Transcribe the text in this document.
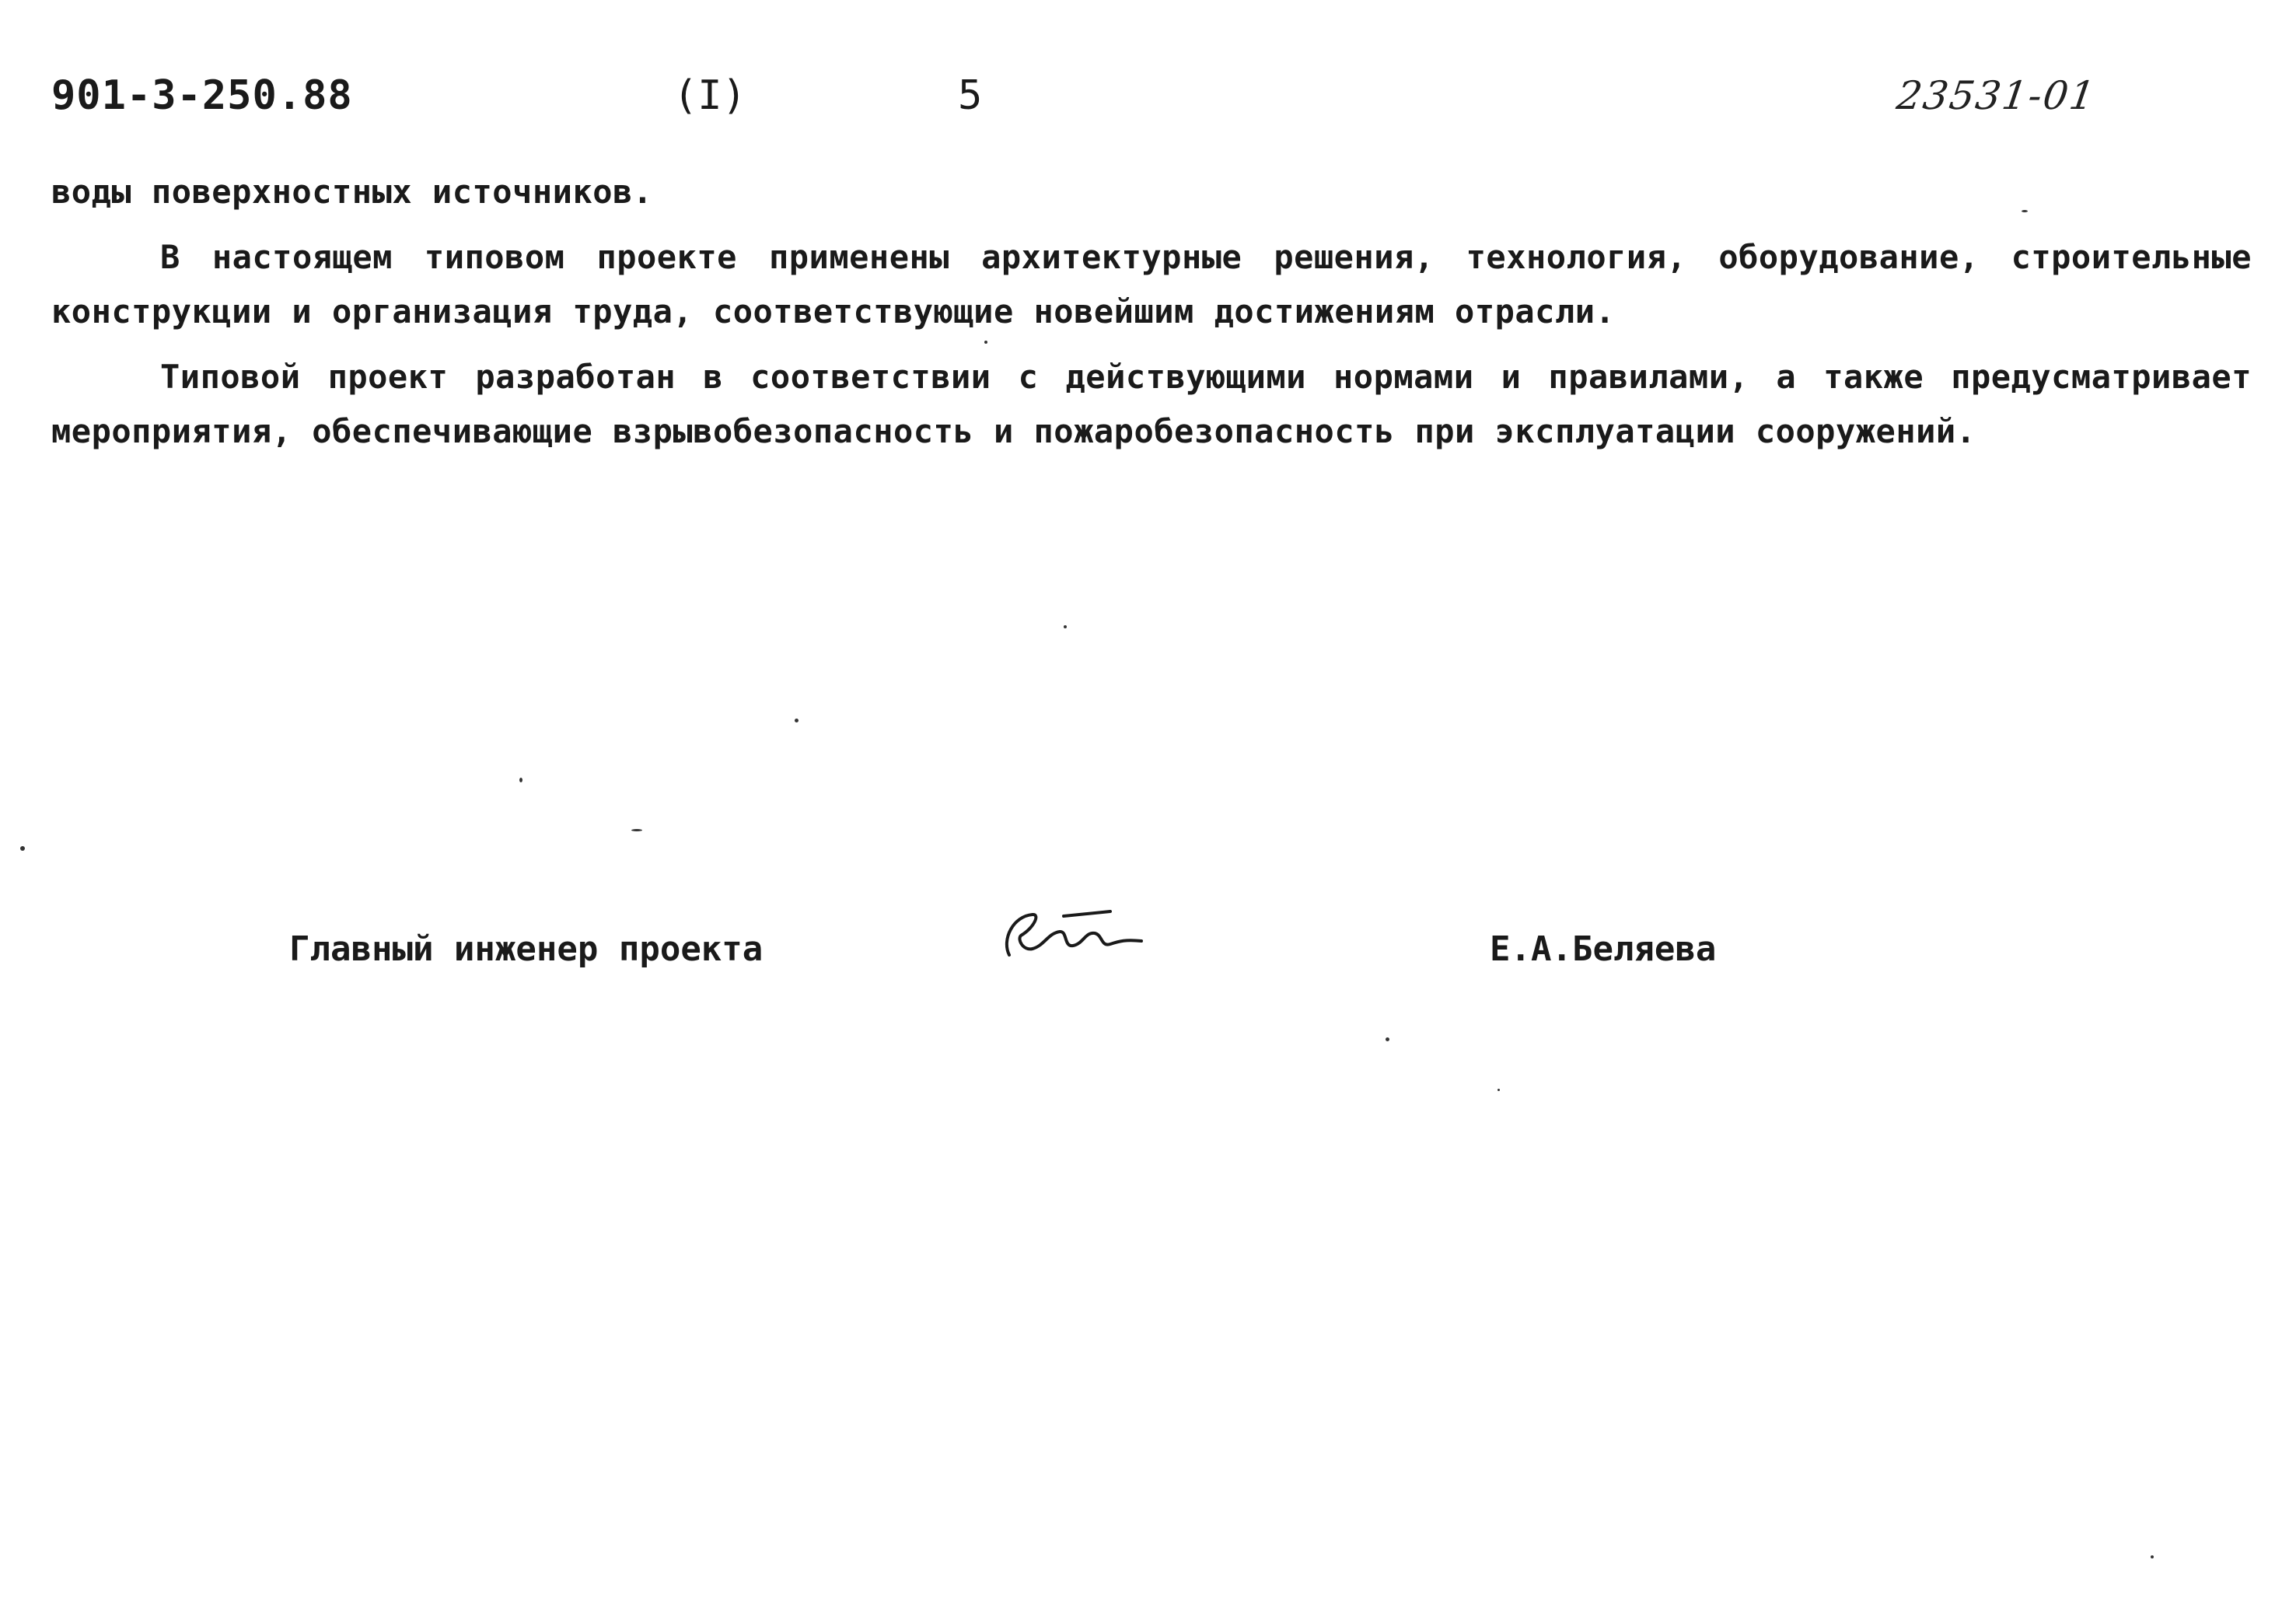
901-3-250.88	(I)	5	23531-01

воды поверхностных источников.

В настоящем типовом проекте применены архитектурные решения, технология, оборудование, строительные конструкции и организация труда, соответствующие новейшим достижениям отрасли.

Типовой проект разработан в соответствии с действующими нормами и правилами, а также предусматривает мероприятия, обеспечивающие взрывобезопасность и пожаробезопасность при эксплуатации сооружений.

Главный инженер проекта	Е.А.Беляева
